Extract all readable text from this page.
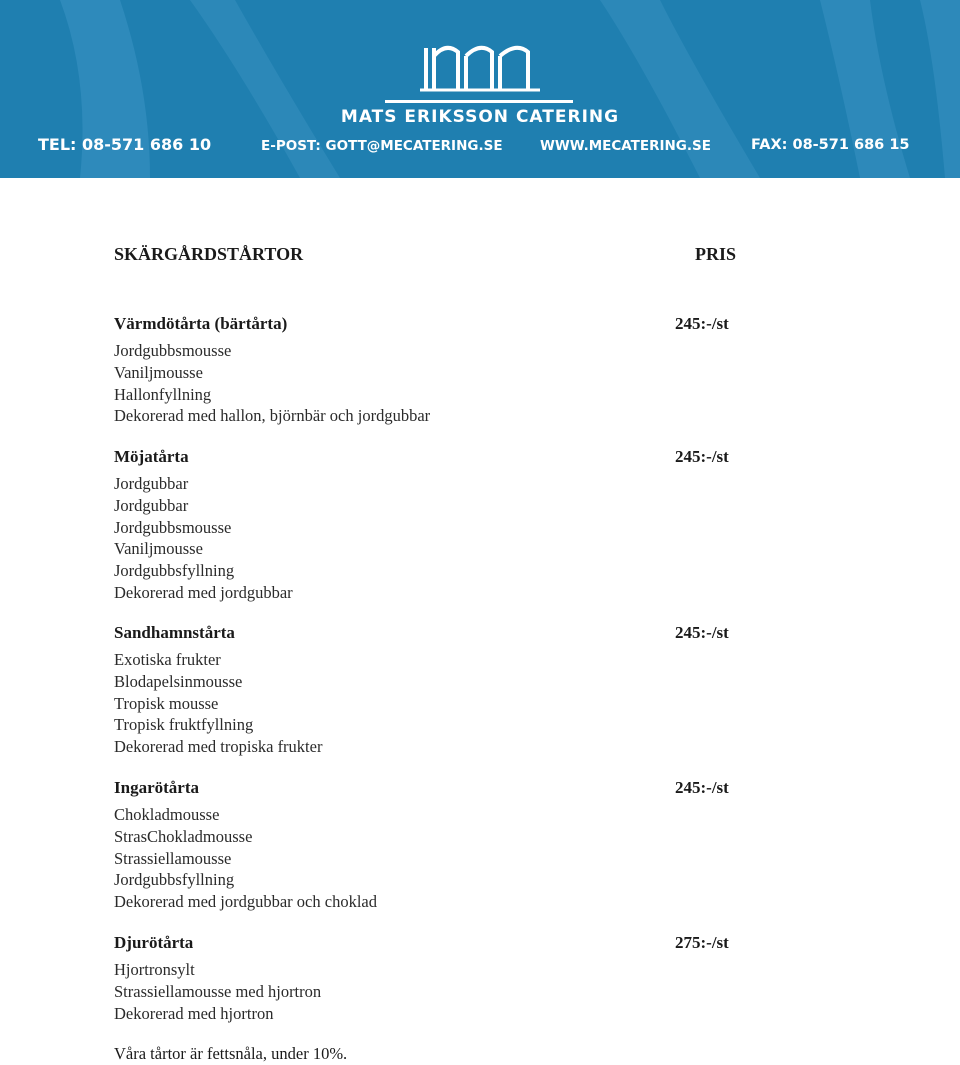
MATS ERIKSSON CATERING
TEL: 08-571 686 10	E-POST: GOTT@MECATERING.SE	WWW.MECATERING.SE	FAX: 08-571 686 15
SKÄRGÅRDSTÅRTOR	PRIS
Värmdötårta (bärtårta)	245:-/st
Jordgubbsmousse
Vaniljmousse
Hallonfyllning
Dekorerad med hallon, björnbär och jordgubbar
Möjatårta	245:-/st
Jordgubbar
Jordgubbar
Jordgubbsmousse
Vaniljmousse
Jordgubbsfyllning
Dekorerad med jordgubbar
Sandhamnstårta	245:-/st
Exotiska frukter
Blodapelsinmousse
Tropisk mousse
Tropisk fruktfyllning
Dekorerad med tropiska frukter
Ingarötårta	245:-/st
Chokladmousse
StrasChokladmousse
Strassiellamousse
Jordgubbsfyllning
Dekorerad med jordgubbar och choklad
Djurötårta	275:-/st
Hjortronsylt
Strassiellamousse med hjortron
Dekorerad med hjortron
Våra tårtor är fettsnåla, under 10%.
